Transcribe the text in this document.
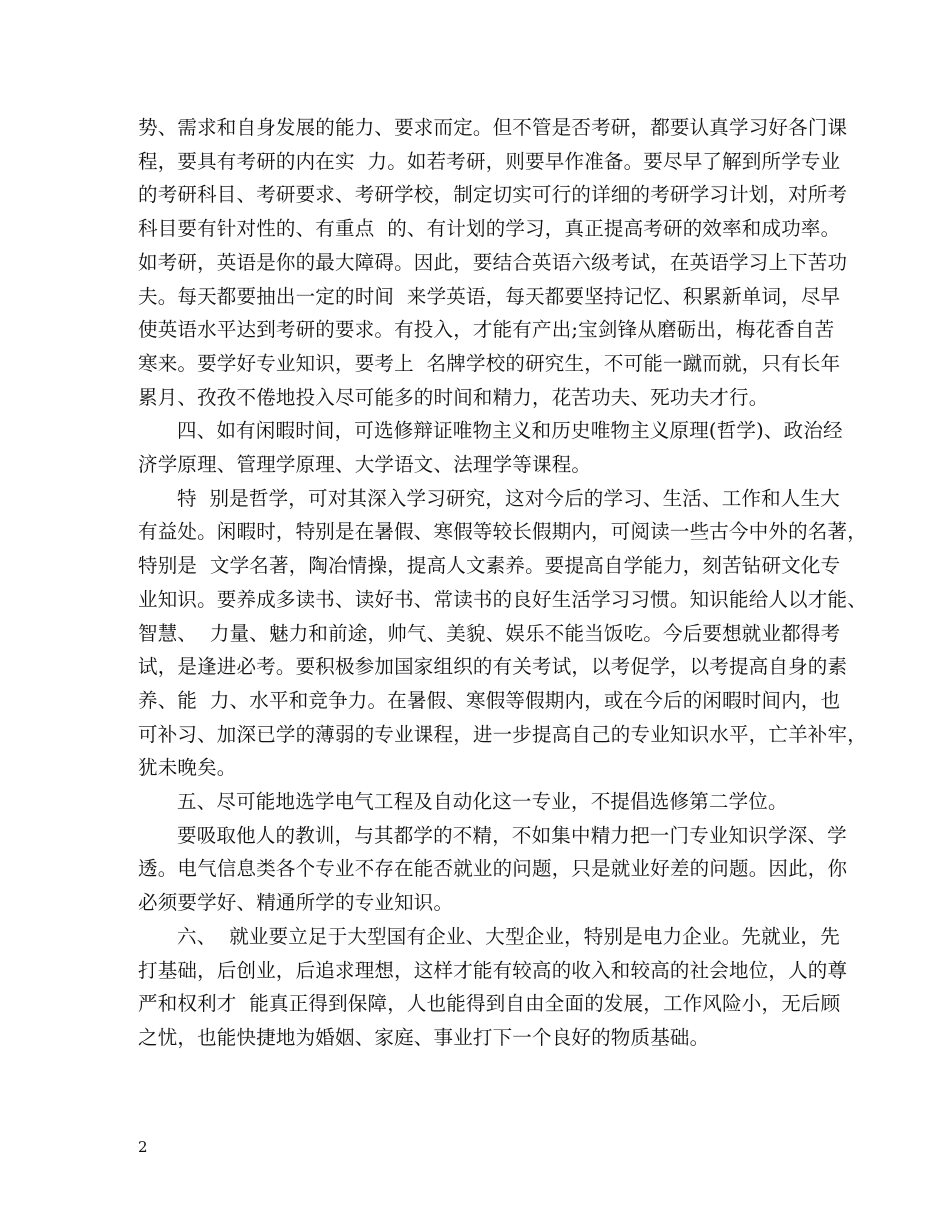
势、需求和自身发展的能力、要求而定。但不管是否考研，都要认真学习好各门课
程，要具有考研的内在实  力。如若考研，则要早作准备。要尽早了解到所学专业
的考研科目、考研要求、考研学校，制定切实可行的详细的考研学习计划，对所考
科目要有针对性的、有重点  的、有计划的学习，真正提高考研的效率和成功率。
如考研，英语是你的最大障碍。因此，要结合英语六级考试，在英语学习上下苦功
夫。每天都要抽出一定的时间  来学英语，每天都要坚持记忆、积累新单词，尽早
使英语水平达到考研的要求。有投入，才能有产出;宝剑锋从磨砺出，梅花香自苦
寒来。要学好专业知识，要考上  名牌学校的研究生，不可能一蹴而就，只有长年
累月、孜孜不倦地投入尽可能多的时间和精力，花苦功夫、死功夫才行。
四、如有闲暇时间，可选修辩证唯物主义和历史唯物主义原理(哲学)、政治经
济学原理、管理学原理、大学语文、法理学等课程。
特  别是哲学，可对其深入学习研究，这对今后的学习、生活、工作和人生大
有益处。闲暇时，特别是在暑假、寒假等较长假期内，可阅读一些古今中外的名著，
特别是  文学名著，陶冶情操，提高人文素养。要提高自学能力，刻苦钻研文化专
业知识。要养成多读书、读好书、常读书的良好生活学习习惯。知识能给人以才能、
智慧、  力量、魅力和前途，帅气、美貌、娱乐不能当饭吃。今后要想就业都得考
试，是逢进必考。要积极参加国家组织的有关考试，以考促学，以考提高自身的素
养、能  力、水平和竞争力。在暑假、寒假等假期内，或在今后的闲暇时间内，也
可补习、加深已学的薄弱的专业课程，进一步提高自己的专业知识水平，亡羊补牢，
犹未晚矣。
五、尽可能地选学电气工程及自动化这一专业，不提倡选修第二学位。
要吸取他人的教训，与其都学的不精，不如集中精力把一门专业知识学深、学
透。电气信息类各个专业不存在能否就业的问题，只是就业好差的问题。因此，你
必须要学好、精通所学的专业知识。
六、  就业要立足于大型国有企业、大型企业，特别是电力企业。先就业，先
打基础，后创业，后追求理想，这样才能有较高的收入和较高的社会地位，人的尊
严和权利才  能真正得到保障，人也能得到自由全面的发展，工作风险小，无后顾
之忧，也能快捷地为婚姻、家庭、事业打下一个良好的物质基础。
2
